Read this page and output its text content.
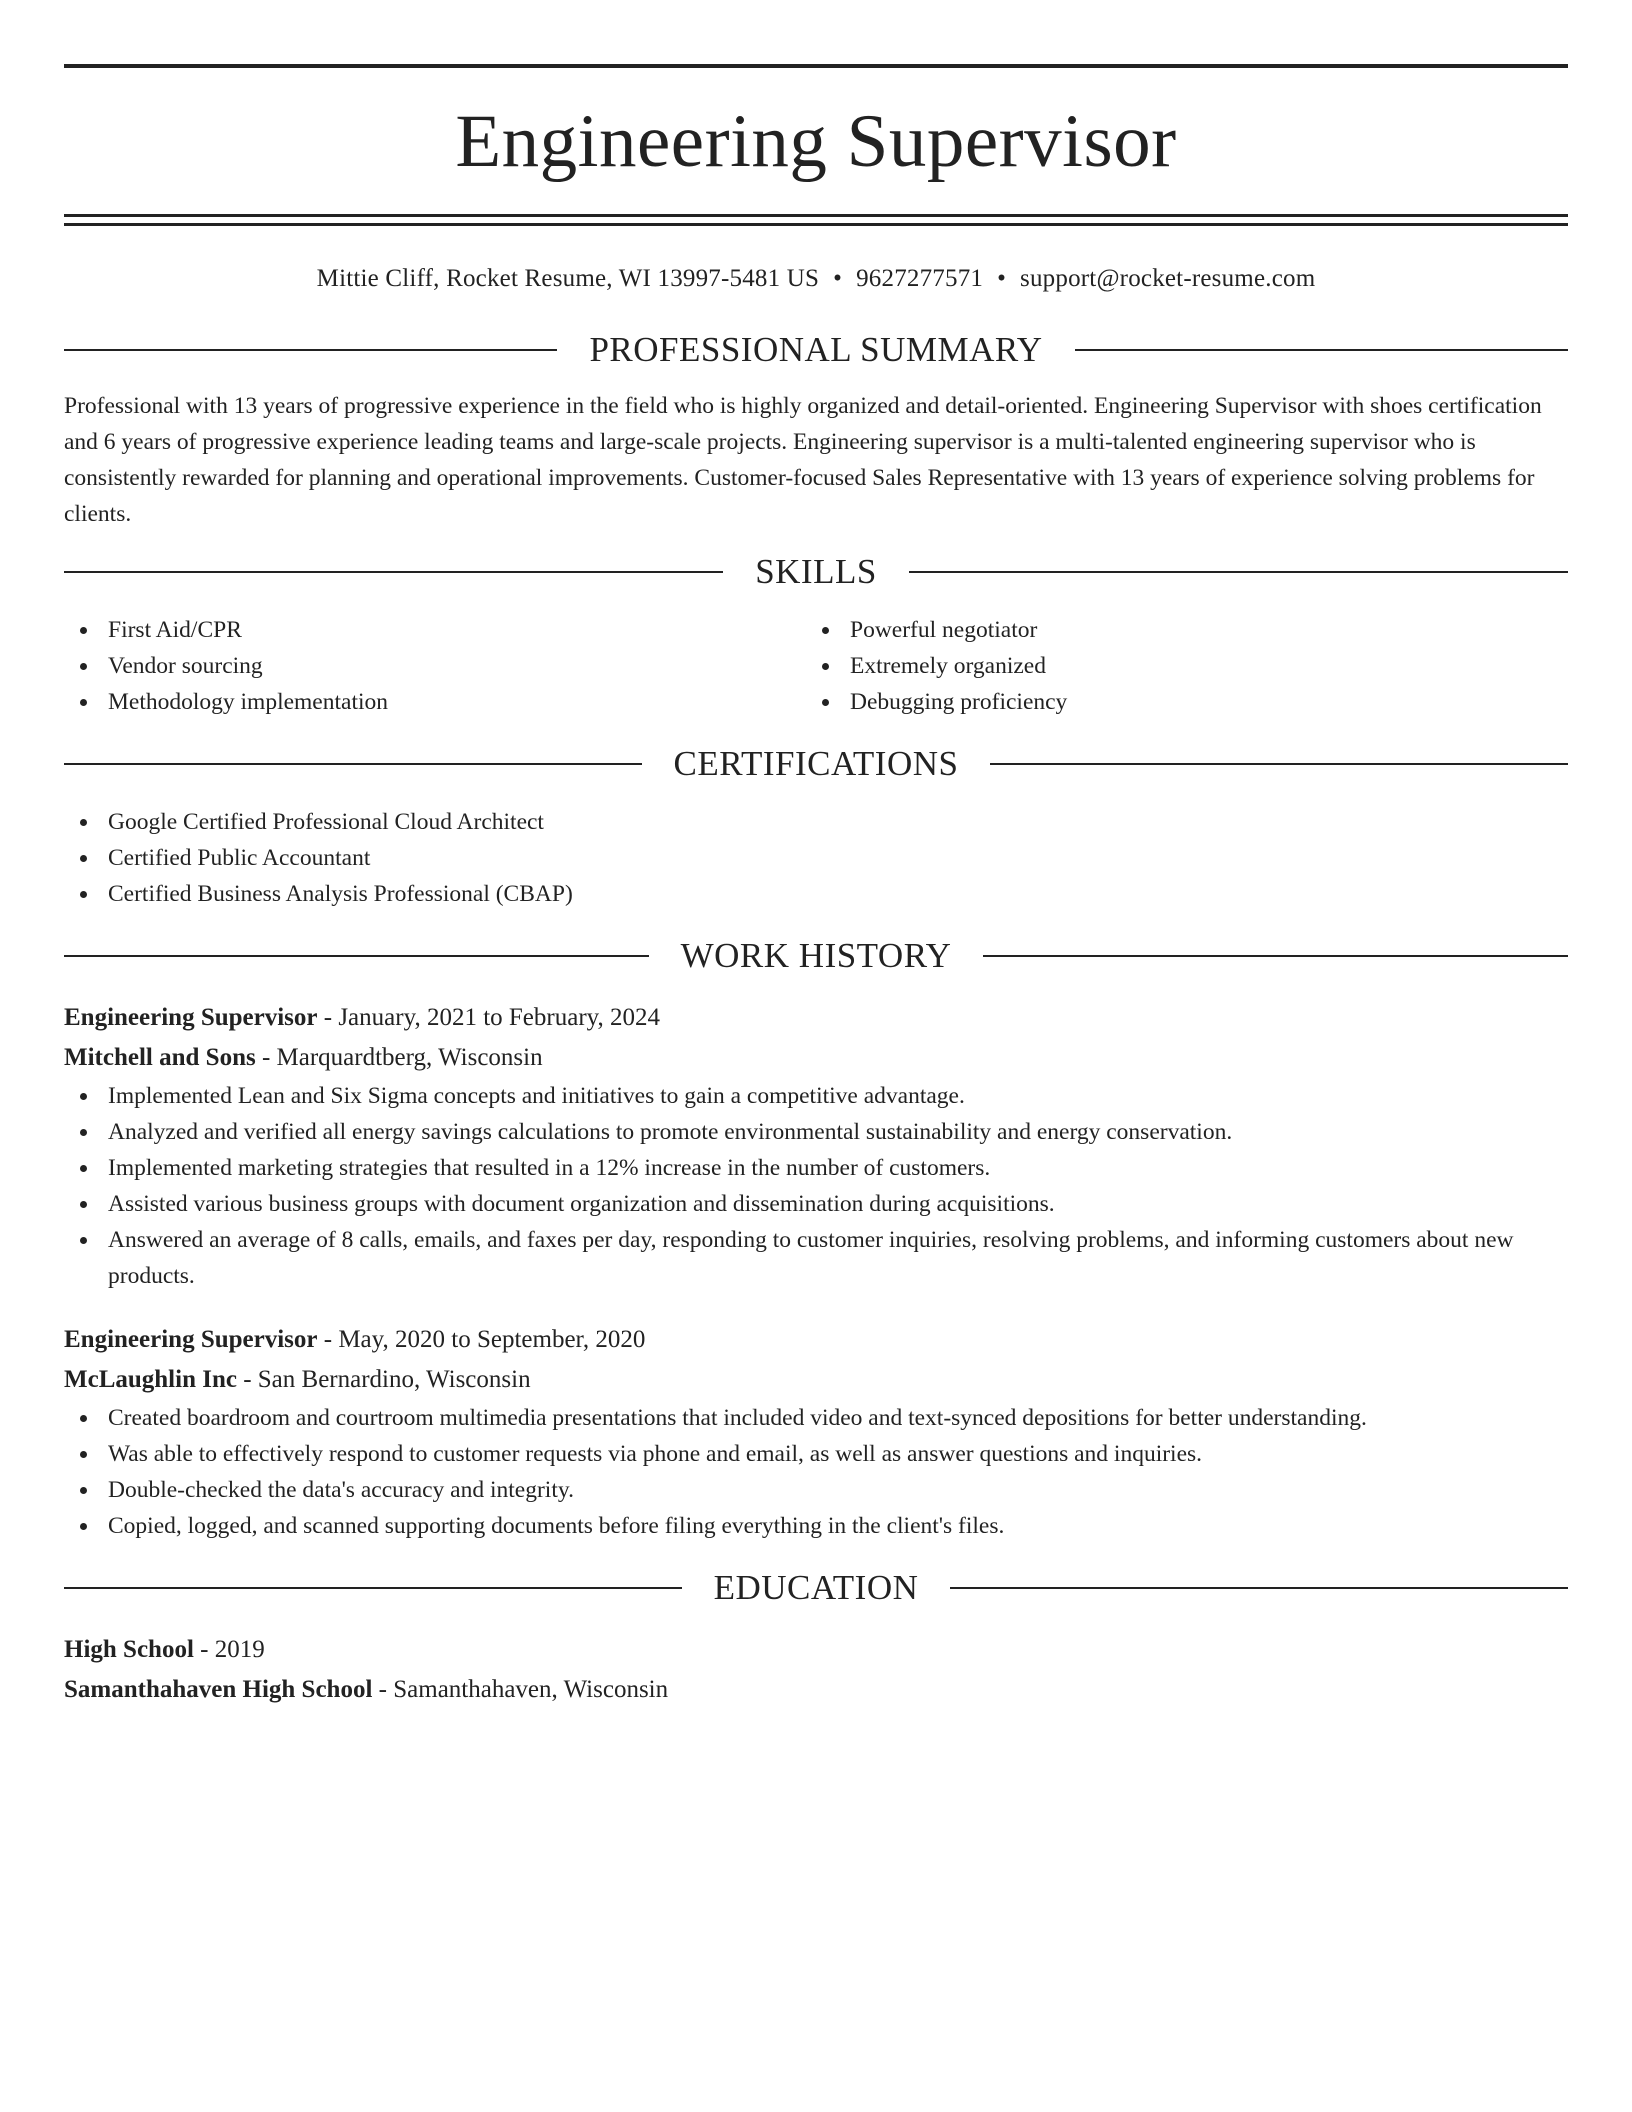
Engineering Supervisor
Mittie Cliff, Rocket Resume, WI 13997-5481 US • 9627277571 • support@rocket-resume.com
PROFESSIONAL SUMMARY

Professional with 13 years of progressive experience in the field who is highly organized and detail-oriented. Engineering Supervisor with shoes certification and 6 years of progressive experience leading teams and large-scale projects. Engineering supervisor is a multi-talented engineering supervisor who is consistently rewarded for planning and operational improvements. Customer-focused Sales Representative with 13 years of experience solving problems for clients.

SKILLS
First Aid/CPR
Vendor sourcing
Methodology implementation
Powerful negotiator
Extremely organized
Debugging proficiency
CERTIFICATIONS
Google Certified Professional Cloud Architect
Certified Public Accountant
Certified Business Analysis Professional (CBAP)
WORK HISTORY
Engineering Supervisor - January, 2021 to February, 2024
Mitchell and Sons - Marquardtberg, Wisconsin
Implemented Lean and Six Sigma concepts and initiatives to gain a competitive advantage.
Analyzed and verified all energy savings calculations to promote environmental sustainability and energy conservation.
Implemented marketing strategies that resulted in a 12% increase in the number of customers.
Assisted various business groups with document organization and dissemination during acquisitions.
Answered an average of 8 calls, emails, and faxes per day, responding to customer inquiries, resolving problems, and informing customers about new products.
Engineering Supervisor - May, 2020 to September, 2020
McLaughlin Inc - San Bernardino, Wisconsin
Created boardroom and courtroom multimedia presentations that included video and text-synced depositions for better understanding.
Was able to effectively respond to customer requests via phone and email, as well as answer questions and inquiries.
Double-checked the data's accuracy and integrity.
Copied, logged, and scanned supporting documents before filing everything in the client's files.
EDUCATION
High School - 2019
Samanthahaven High School - Samanthahaven, Wisconsin
